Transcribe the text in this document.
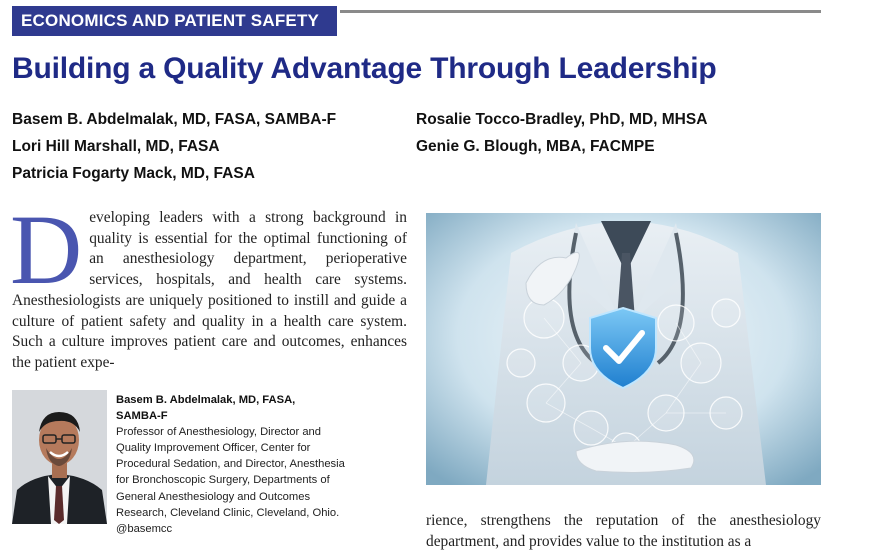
ECONOMICS AND PATIENT SAFETY
Building a Quality Advantage Through Leadership
Basem B. Abdelmalak, MD, FASA, SAMBA-F
Lori Hill Marshall, MD, FASA
Patricia Fogarty Mack, MD, FASA
Rosalie Tocco-Bradley, PhD, MD, MHSA
Genie G. Blough, MBA, FACMPE

Developing leaders with a strong background in quality is essential for the optimal functioning of an anesthesiology department, perioperative services, hospitals, and health care systems. Anesthesiologists are uniquely positioned to instill and guide a culture of patient safety and quality in a health care system. Such a culture improves patient care and outcomes, enhances the patient expe-

Basem B. Abdelmalak, MD, FASA,
SAMBA-F
Professor of Anesthesiology, Director and Quality Improvement Officer, Center for Procedural Sedation, and Director, Anesthesia for Bronchoscopic Surgery, Departments of General Anesthesiology and Outcomes Research, Cleveland Clinic, Cleveland, Ohio.
@basemcc	rience, strengthens the reputation of the anesthesiology department, and provides value to the institution as a
